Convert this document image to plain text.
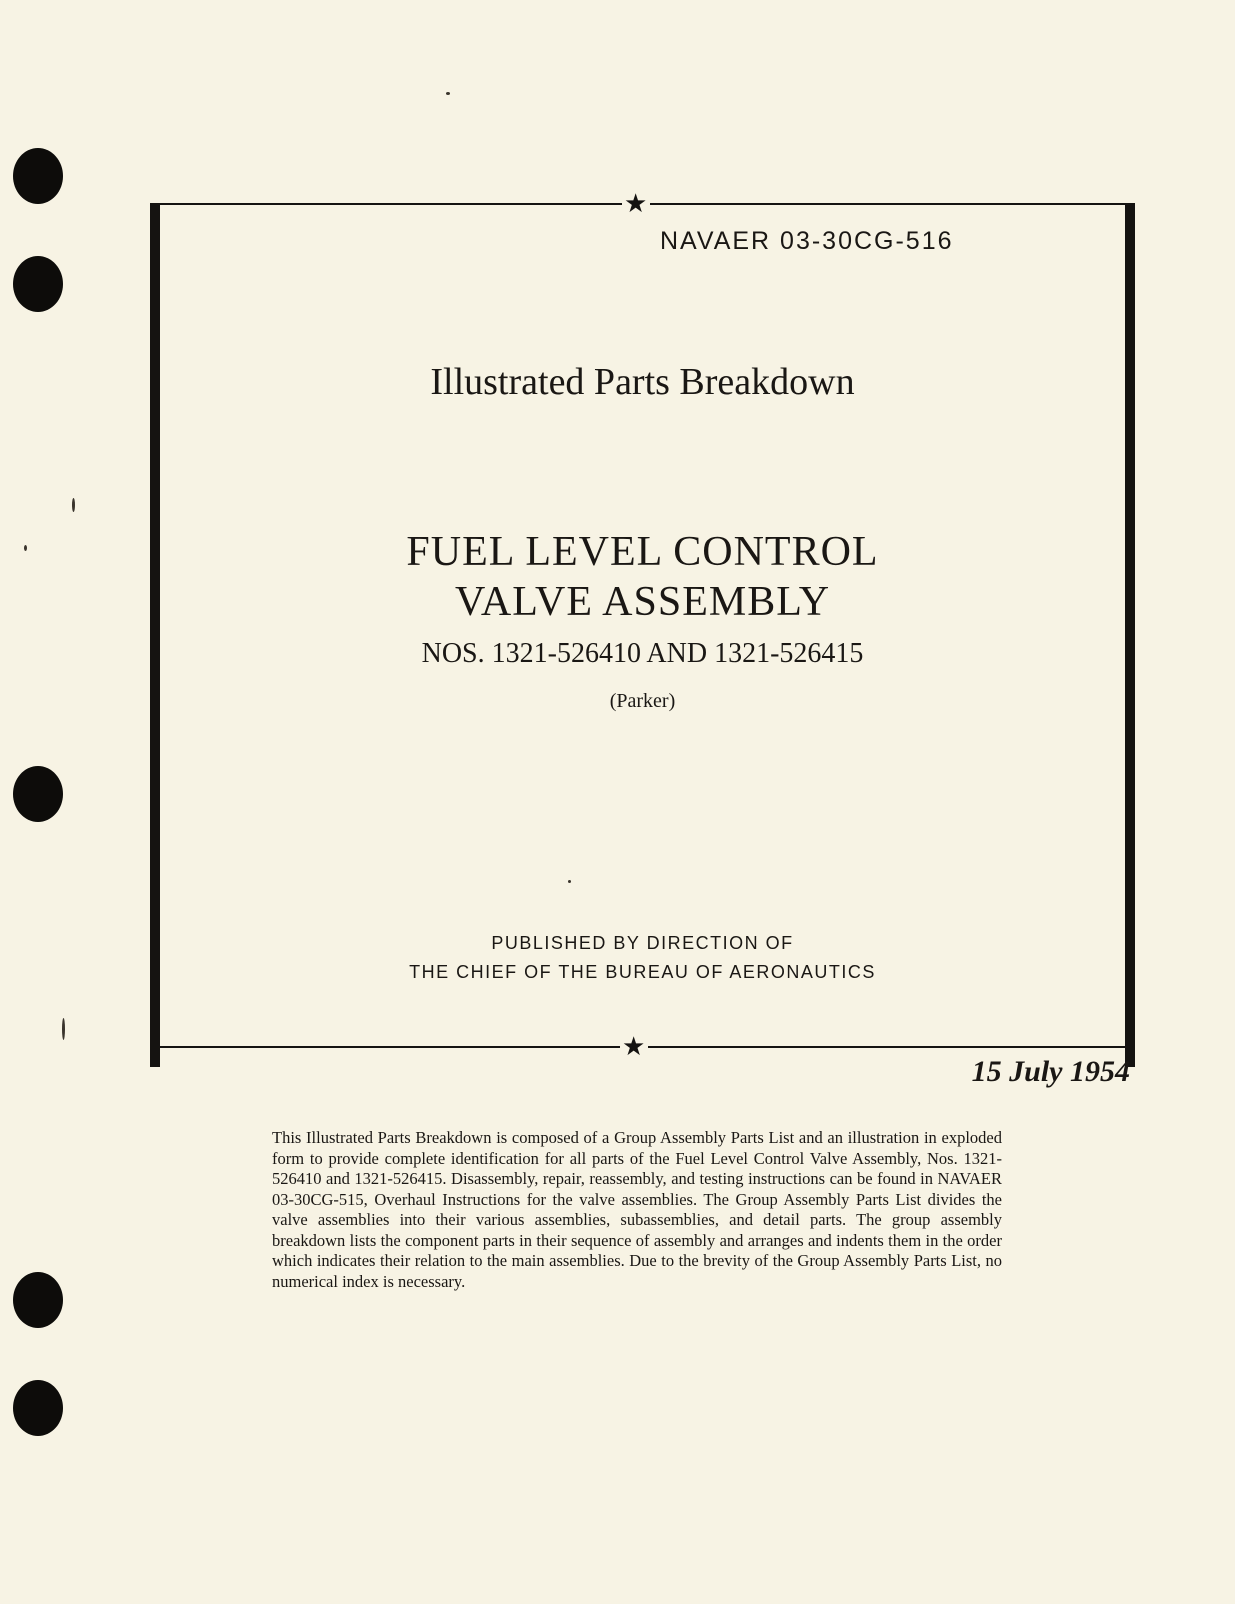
★
★
NAVAER 03-30CG-516
Illustrated Parts Breakdown
FUEL LEVEL CONTROL
VALVE ASSEMBLY
NOS. 1321-526410 AND 1321-526415
(Parker)
PUBLISHED BY DIRECTION OF
THE CHIEF OF THE BUREAU OF AERONAUTICS
15 July 1954
This Illustrated Parts Breakdown is composed of a Group Assembly Parts List and an illustration in exploded form to provide complete identification for all parts of the Fuel Level Control Valve Assembly, Nos. 1321-526410 and 1321-526415. Disassembly, repair, reassembly, and testing instructions can be found in NAVAER 03-30CG-515, Overhaul Instructions for the valve assemblies. The Group Assembly Parts List divides the valve assemblies into their various assemblies, subassemblies, and detail parts. The group assembly breakdown lists the component parts in their sequence of assembly and arranges and indents them in the order which indicates their relation to the main assemblies. Due to the brevity of the Group Assembly Parts List, no numerical index is necessary.
